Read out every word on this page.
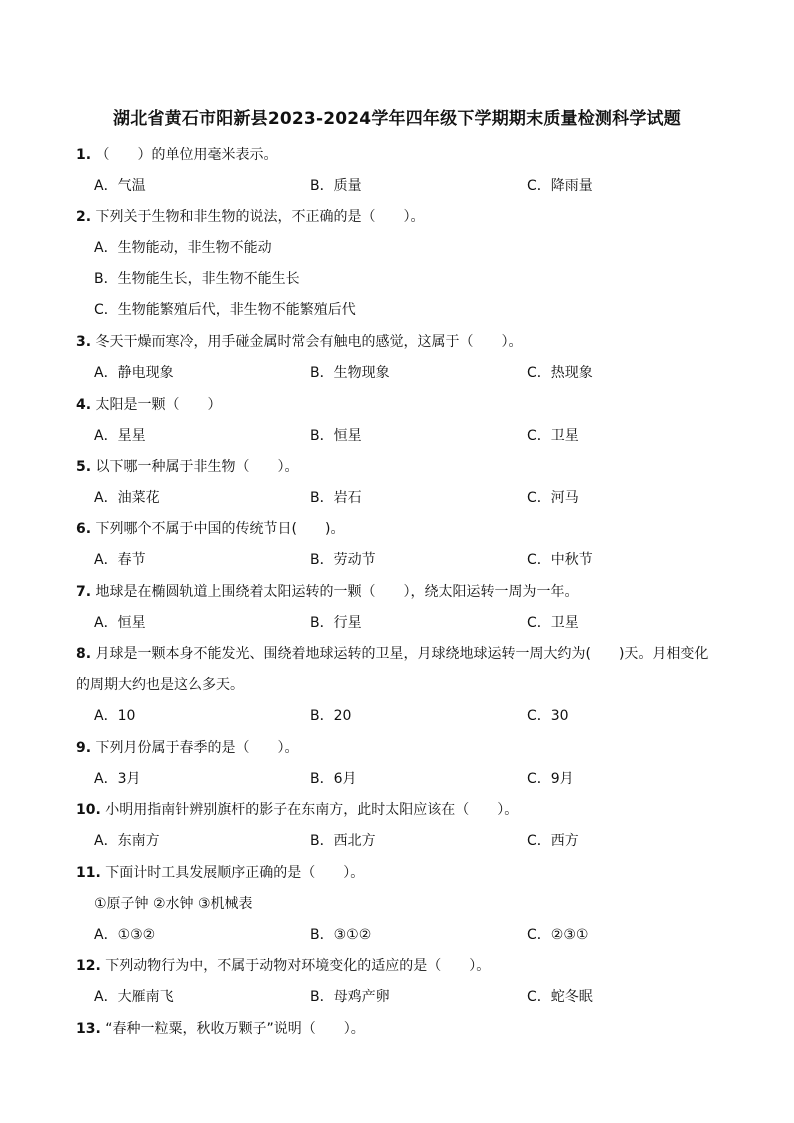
湖北省黄石市阳新县2023-2024学年四年级下学期期末质量检测科学试题
1. （　　）的单位用毫米表示。
A．气温	B．质量	C．降雨量
2. 下列关于生物和非生物的说法，不正确的是（　　）。
A．生物能动，非生物不能动
B．生物能生长，非生物不能生长
C．生物能繁殖后代，非生物不能繁殖后代
3. 冬天干燥而寒冷，用手碰金属时常会有触电的感觉，这属于（　　）。
A．静电现象	B．生物现象	C．热现象
4. 太阳是一颗（　　）
A．星星	B．恒星	C．卫星
5. 以下哪一种属于非生物（　　）。
A．油菜花	B．岩石	C．河马
6. 下列哪个不属于中国的传统节日(　　)。
A．春节	B．劳动节	C．中秋节
7. 地球是在椭圆轨道上围绕着太阳运转的一颗（　　），绕太阳运转一周为一年。
A．恒星	B．行星	C．卫星
8. 月球是一颗本身不能发光、围绕着地球运转的卫星，月球绕地球运转一周大约为(　　)天。月相变化
的周期大约也是这么多天。
A．10	B．20	C．30
9. 下列月份属于春季的是（　　）。
A．3月	B．6月	C．9月
10. 小明用指南针辨别旗杆的影子在东南方，此时太阳应该在（　　）。
A．东南方	B．西北方	C．西方
11. 下面计时工具发展顺序正确的是（　　）。
①原子钟 ②水钟 ③机械表
A．①③②	B．③①②	C．②③①
12. 下列动物行为中，不属于动物对环境变化的适应的是（　　）。
A．大雁南飞	B．母鸡产卵	C．蛇冬眠
13. “春种一粒粟，秋收万颗子”说明（　　）。
